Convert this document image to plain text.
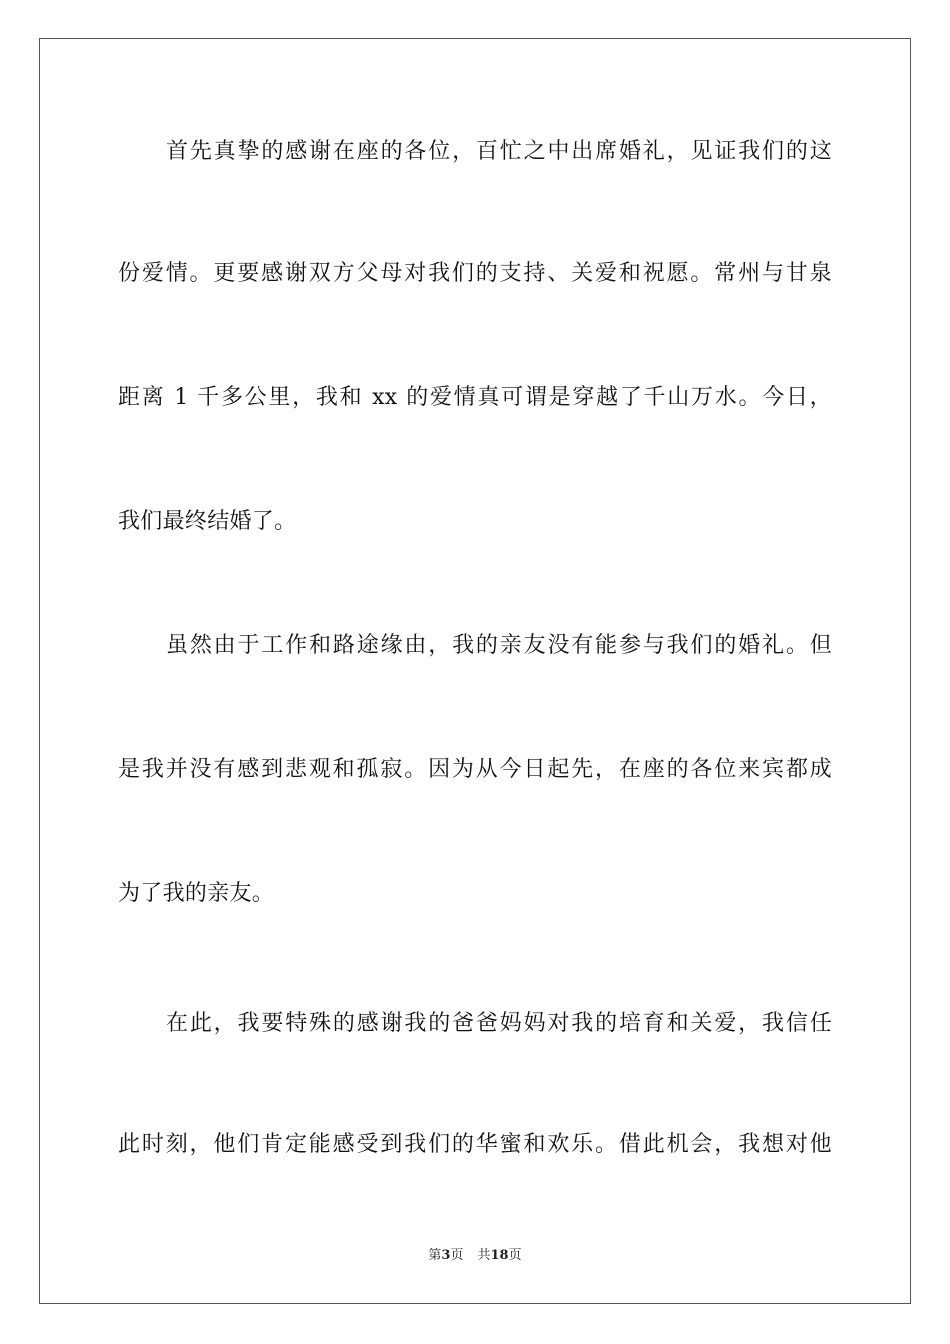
首先真挚的感谢在座的各位，百忙之中出席婚礼，见证我们的这
份爱情。更要感谢双方父母对我们的支持、关爱和祝愿。常州与甘泉
距离 1 千多公里，我和 xx 的爱情真可谓是穿越了千山万水。今日，
我们最终结婚了。
虽然由于工作和路途缘由，我的亲友没有能参与我们的婚礼。但
是我并没有感到悲观和孤寂。因为从今日起先，在座的各位来宾都成
为了我的亲友。
在此，我要特殊的感谢我的爸爸妈妈对我的培育和关爱，我信任
此时刻，他们肯定能感受到我们的华蜜和欢乐。借此机会，我想对他
第3页 共18页
